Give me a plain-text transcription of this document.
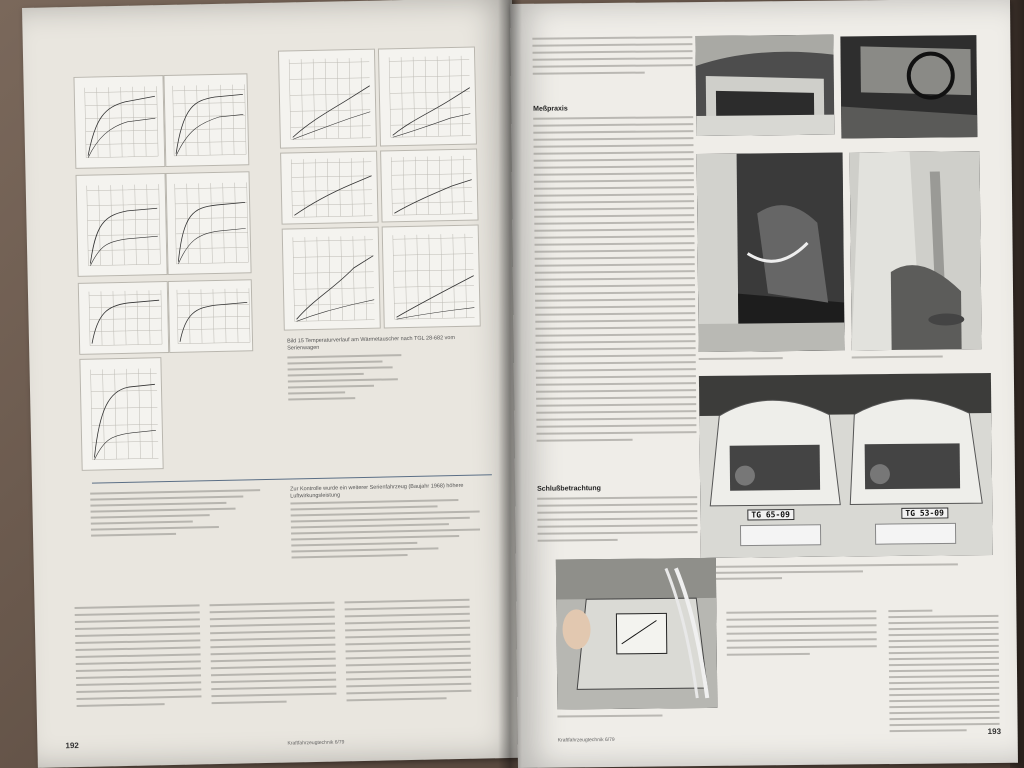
Bild 15 Temperaturverlauf am Wärmetauscher nach TGL 28-682 vom Serienwagen
Zur Kontrolle wurde ein weiterer Serienfahrzeug (Baujahr 1968) höhere Luftwirkungsleistung
192	Kraftfahrzeugtechnik 6/79
Meßpraxis
Schlußbetrachtung
TG 65-09	TG 53-09
193
Kraftfahrzeugtechnik 6/79
